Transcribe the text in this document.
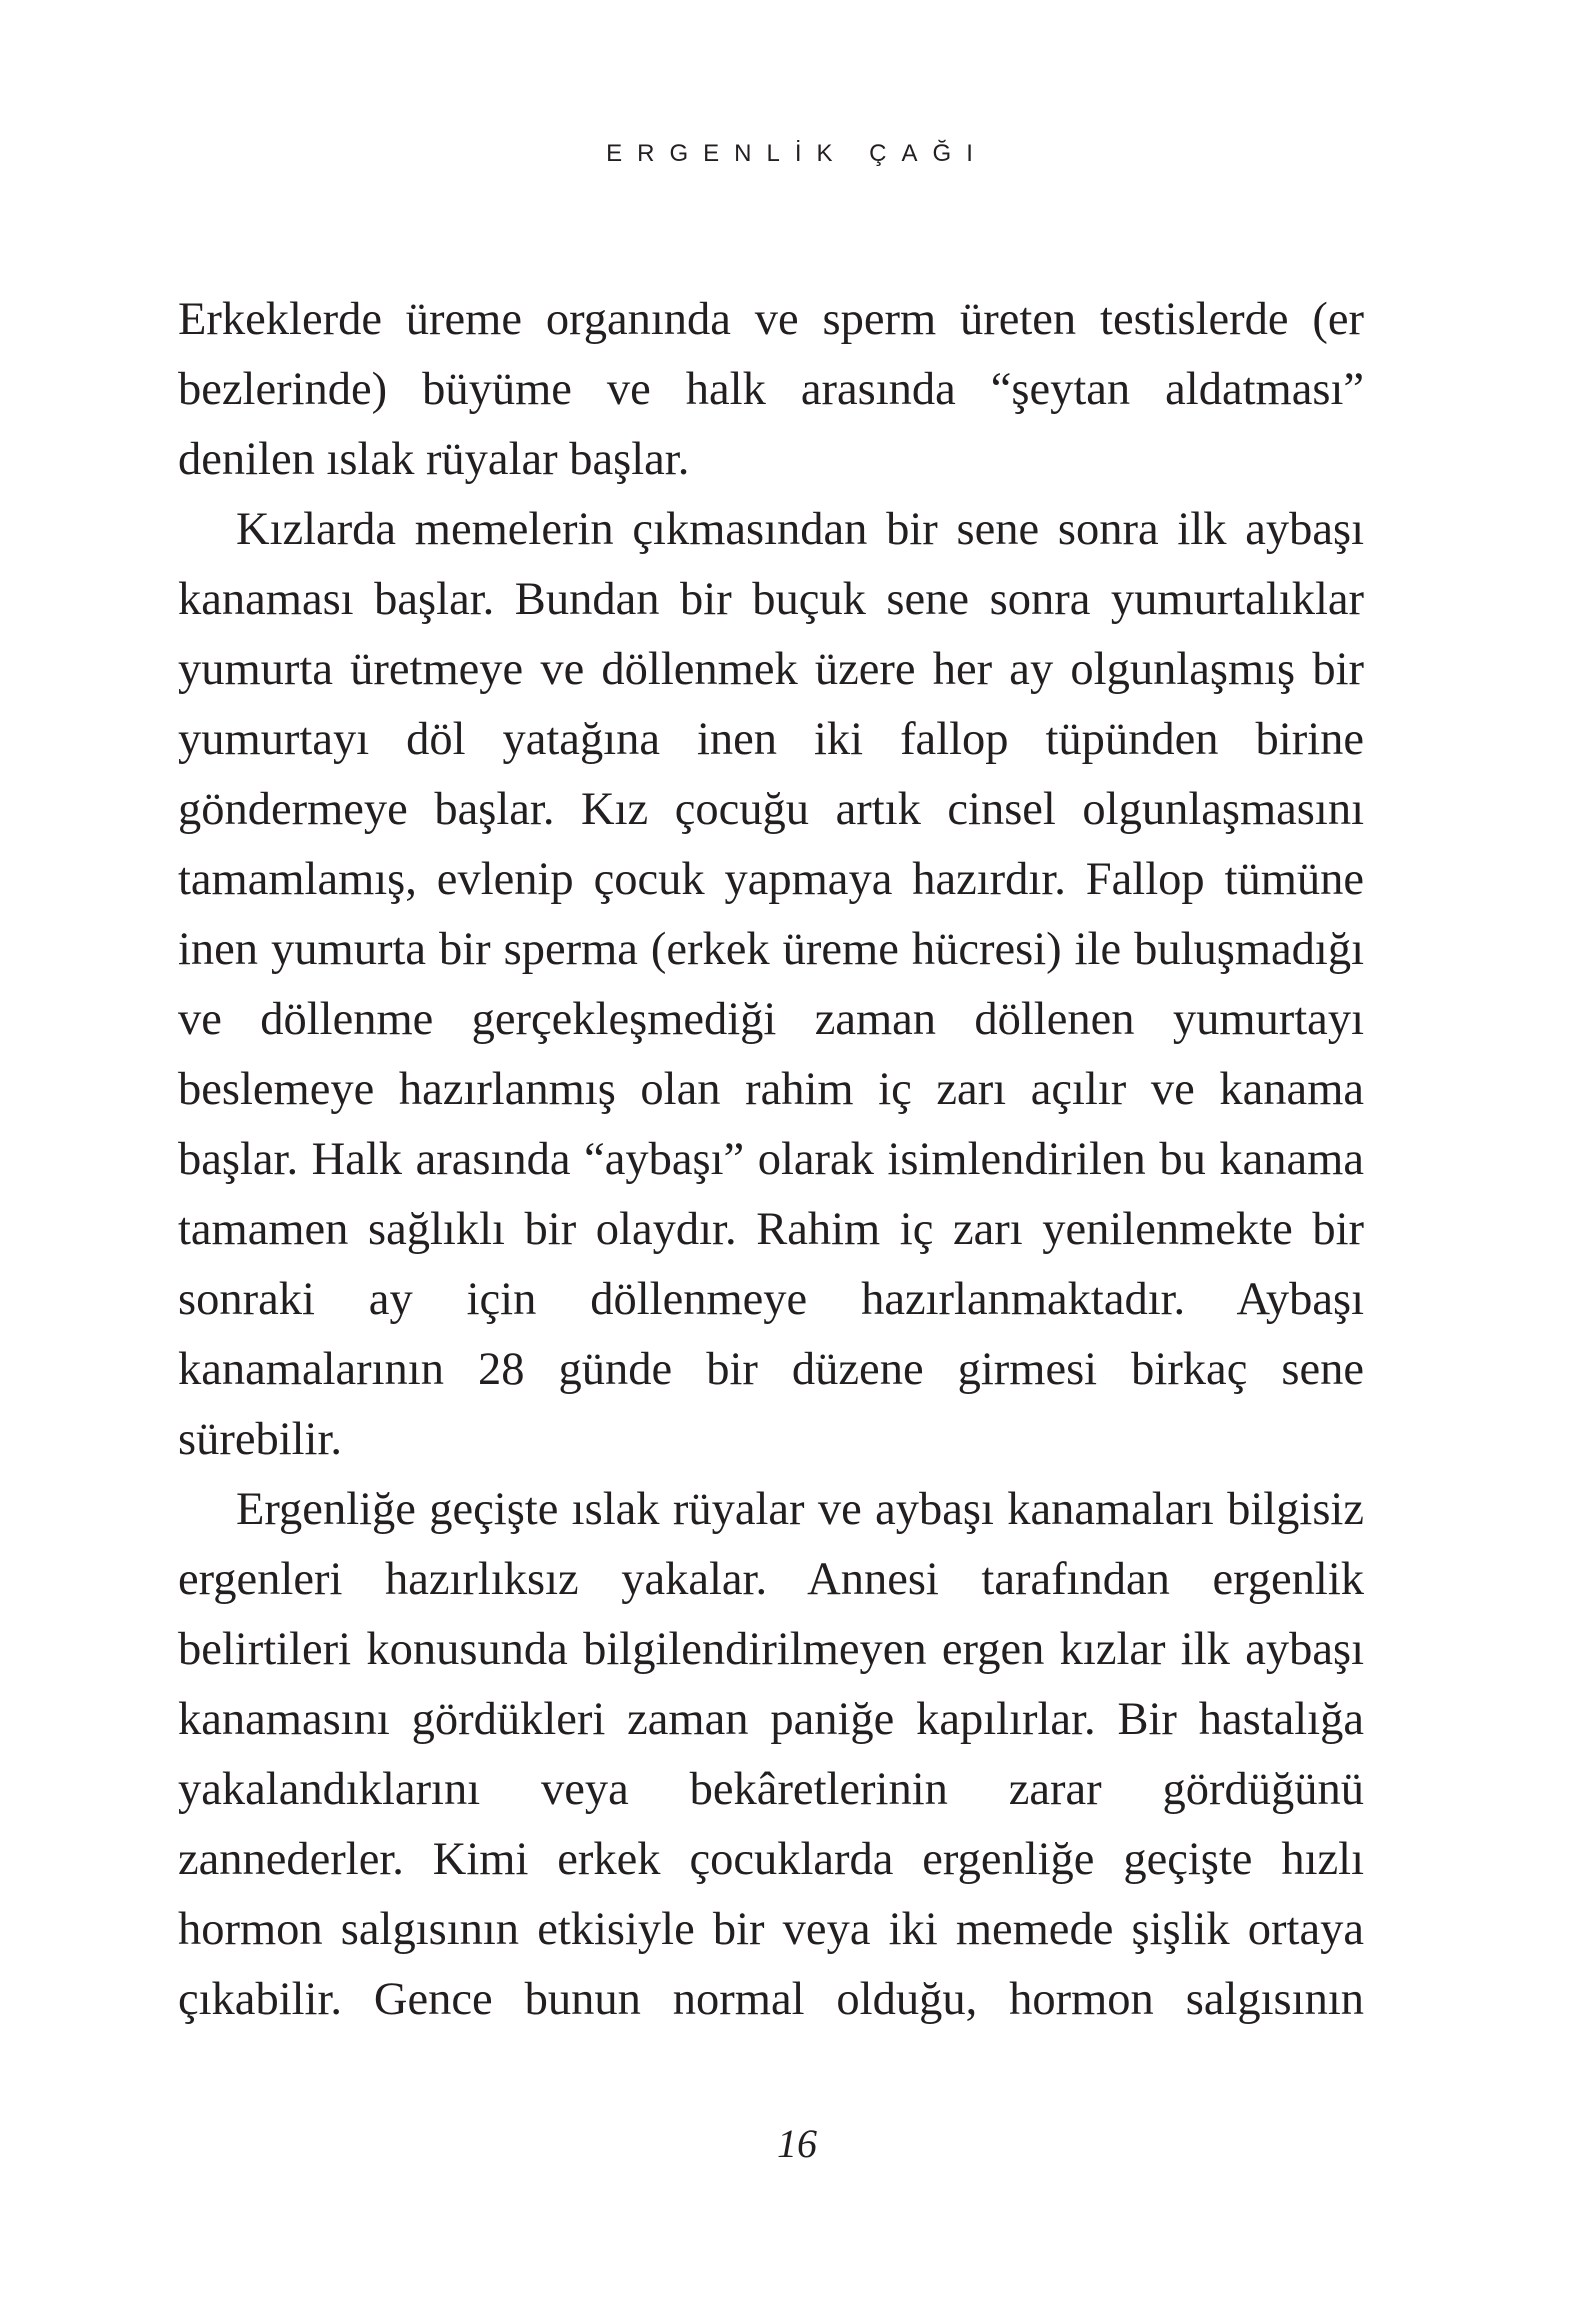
ERGENLİK ÇAĞI

Erkeklerde üreme organında ve sperm üreten testislerde (er bezlerinde) büyüme ve halk arasında “şeytan aldatması” denilen ıslak rüyalar başlar.

Kızlarda memelerin çıkmasından bir sene sonra ilk aybaşı kanaması başlar. Bundan bir buçuk sene sonra yumurtalıklar yumurta üretmeye ve döllenmek üzere her ay olgunlaşmış bir yumurtayı döl yatağına inen iki fallop tüpünden birine göndermeye başlar. Kız çocuğu artık cinsel olgunlaşmasını tamamlamış, evlenip çocuk yapmaya hazırdır. Fallop tümüne inen yumurta bir sperma (erkek üreme hücresi) ile buluşmadığı ve döllenme gerçekleşmediği zaman döllenen yumurtayı beslemeye hazırlanmış olan rahim iç zarı açılır ve kanama başlar. Halk arasında “aybaşı” olarak isimlendirilen bu kanama tamamen sağlıklı bir olaydır. Rahim iç zarı yenilenmekte bir sonraki ay için döllenmeye hazırlanmaktadır. Aybaşı kanamalarının 28 günde bir düzene girmesi birkaç sene sürebilir.

Ergenliğe geçişte ıslak rüyalar ve aybaşı kanamaları bilgisiz ergenleri hazırlıksız yakalar. Annesi tarafından ergenlik belirtileri konusunda bilgilendirilmeyen ergen kızlar ilk aybaşı kanamasını gördükleri zaman paniğe kapılırlar. Bir hastalığa yakalandıklarını veya bekâretlerinin zarar gördüğünü zannederler. Kimi erkek çocuklarda ergenliğe geçişte hızlı hormon salgısının etkisiyle bir veya iki memede şişlik ortaya çıkabilir. Gence bunun normal olduğu, hormon salgısının

16
